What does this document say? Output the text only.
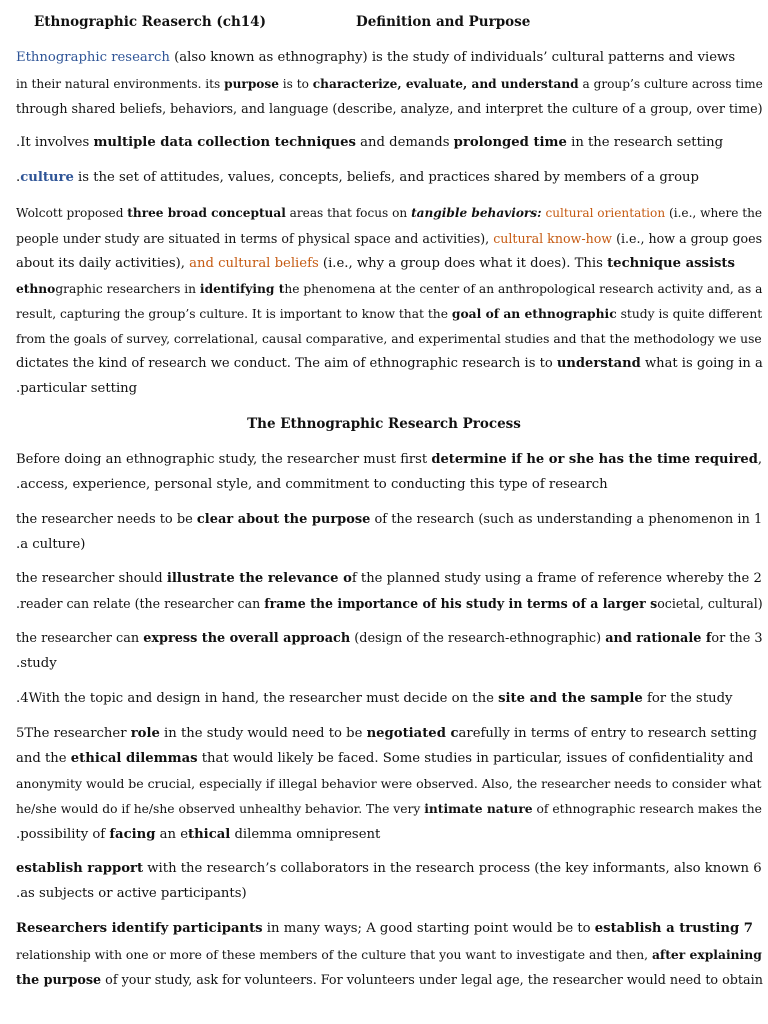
Ethnographic Reaserch (ch14)	Definition and Purpose
Ethnographic research (also known as ethnography) is the study of individuals’ cultural patterns and views
in their natural environments. its purpose is to characterize, evaluate, and understand a group’s culture across time
through shared beliefs, behaviors, and language (describe, analyze, and interpret the culture of a group, over time)
.It involves multiple data collection techniques and demands prolonged time in the research setting
.culture is the set of attitudes, values, concepts, beliefs, and practices shared by members of a group
Wolcott proposed three broad conceptual areas that focus on tangible behaviors: cultural orientation (i.e., where the
people under study are situated in terms of physical space and activities), cultural know-how (i.e., how a group goes
about its daily activities), and cultural beliefs (i.e., why a group does what it does). This technique assists
ethnographic researchers in identifying the phenomena at the center of an anthropological research activity and, as a
result, capturing the group’s culture. It is important to know that the goal of an ethnographic study is quite different
from the goals of survey, correlational, causal comparative, and experimental studies and that the methodology we use
dictates the kind of research we conduct. The aim of ethnographic research is to understand what is going in a
.particular setting
The Ethnographic Research Process
Before doing an ethnographic study, the researcher must first determine if he or she has the time required,
.access, experience, personal style, and commitment to conducting this type of research
the researcher needs to be clear about the purpose of the research (such as understanding a phenomenon in 1
.a culture)
the researcher should illustrate the relevance of the planned study using a frame of reference whereby the 2
.reader can relate (the researcher can frame the importance of his study in terms of a larger societal, cultural)
the researcher can express the overall approach (design of the research-ethnographic) and rationale for the 3
.study
.4With the topic and design in hand, the researcher must decide on the site and the sample for the study
5The researcher role in the study would need to be negotiated carefully in terms of entry to research setting
and the ethical dilemmas that would likely be faced. Some studies in particular, issues of confidentiality and
anonymity would be crucial, especially if illegal behavior were observed. Also, the researcher needs to consider what
he/she would do if he/she observed unhealthy behavior. The very intimate nature of ethnographic research makes the
.possibility of facing an ethical dilemma omnipresent
establish rapport with the research’s collaborators in the research process (the key informants, also known 6
.as subjects or active participants)
Researchers identify participants in many ways; A good starting point would be to establish a trusting 7
relationship with one or more of these members of the culture that you want to investigate and then, after explaining
the purpose of your study, ask for volunteers. For volunteers under legal age, the researcher would need to obtain
